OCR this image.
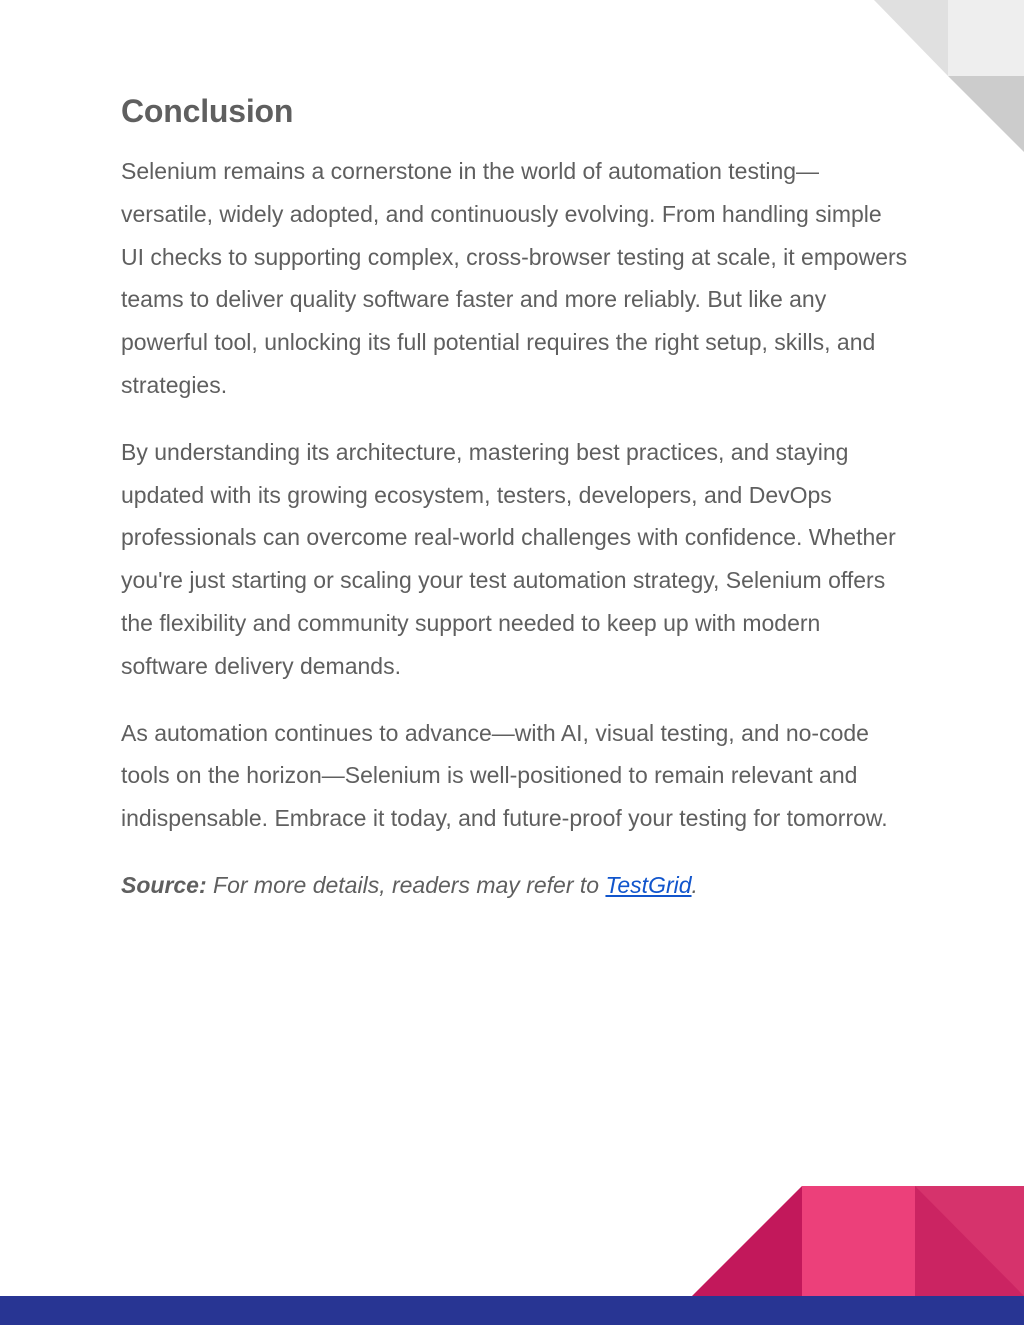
Conclusion

Selenium remains a cornerstone in the world of automation testing—versatile, widely adopted, and continuously evolving. From handling simple UI checks to supporting complex, cross-browser testing at scale, it empowers teams to deliver quality software faster and more reliably. But like any powerful tool, unlocking its full potential requires the right setup, skills, and strategies.

By understanding its architecture, mastering best practices, and staying updated with its growing ecosystem, testers, developers, and DevOps professionals can overcome real-world challenges with confidence. Whether you're just starting or scaling your test automation strategy, Selenium offers the flexibility and community support needed to keep up with modern software delivery demands.

As automation continues to advance—with AI, visual testing, and no-code tools on the horizon—Selenium is well-positioned to remain relevant and indispensable. Embrace it today, and future-proof your testing for tomorrow.

Source: For more details, readers may refer to TestGrid.
